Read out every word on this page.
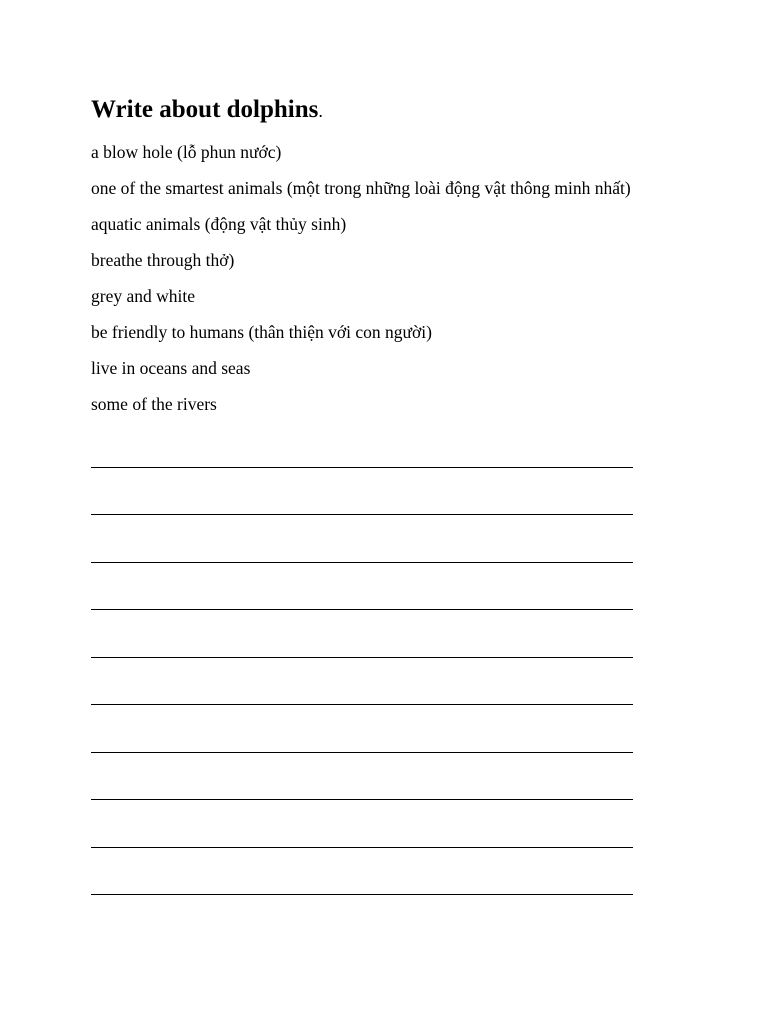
Write about dolphins.
a blow hole (lỗ phun nước)
one of the smartest animals (một trong những loài động vật thông minh nhất)
aquatic animals (động vật thủy sinh)
breathe through thở)
grey and white
be friendly to humans (thân thiện với con người)
live in oceans and seas
some of the rivers
